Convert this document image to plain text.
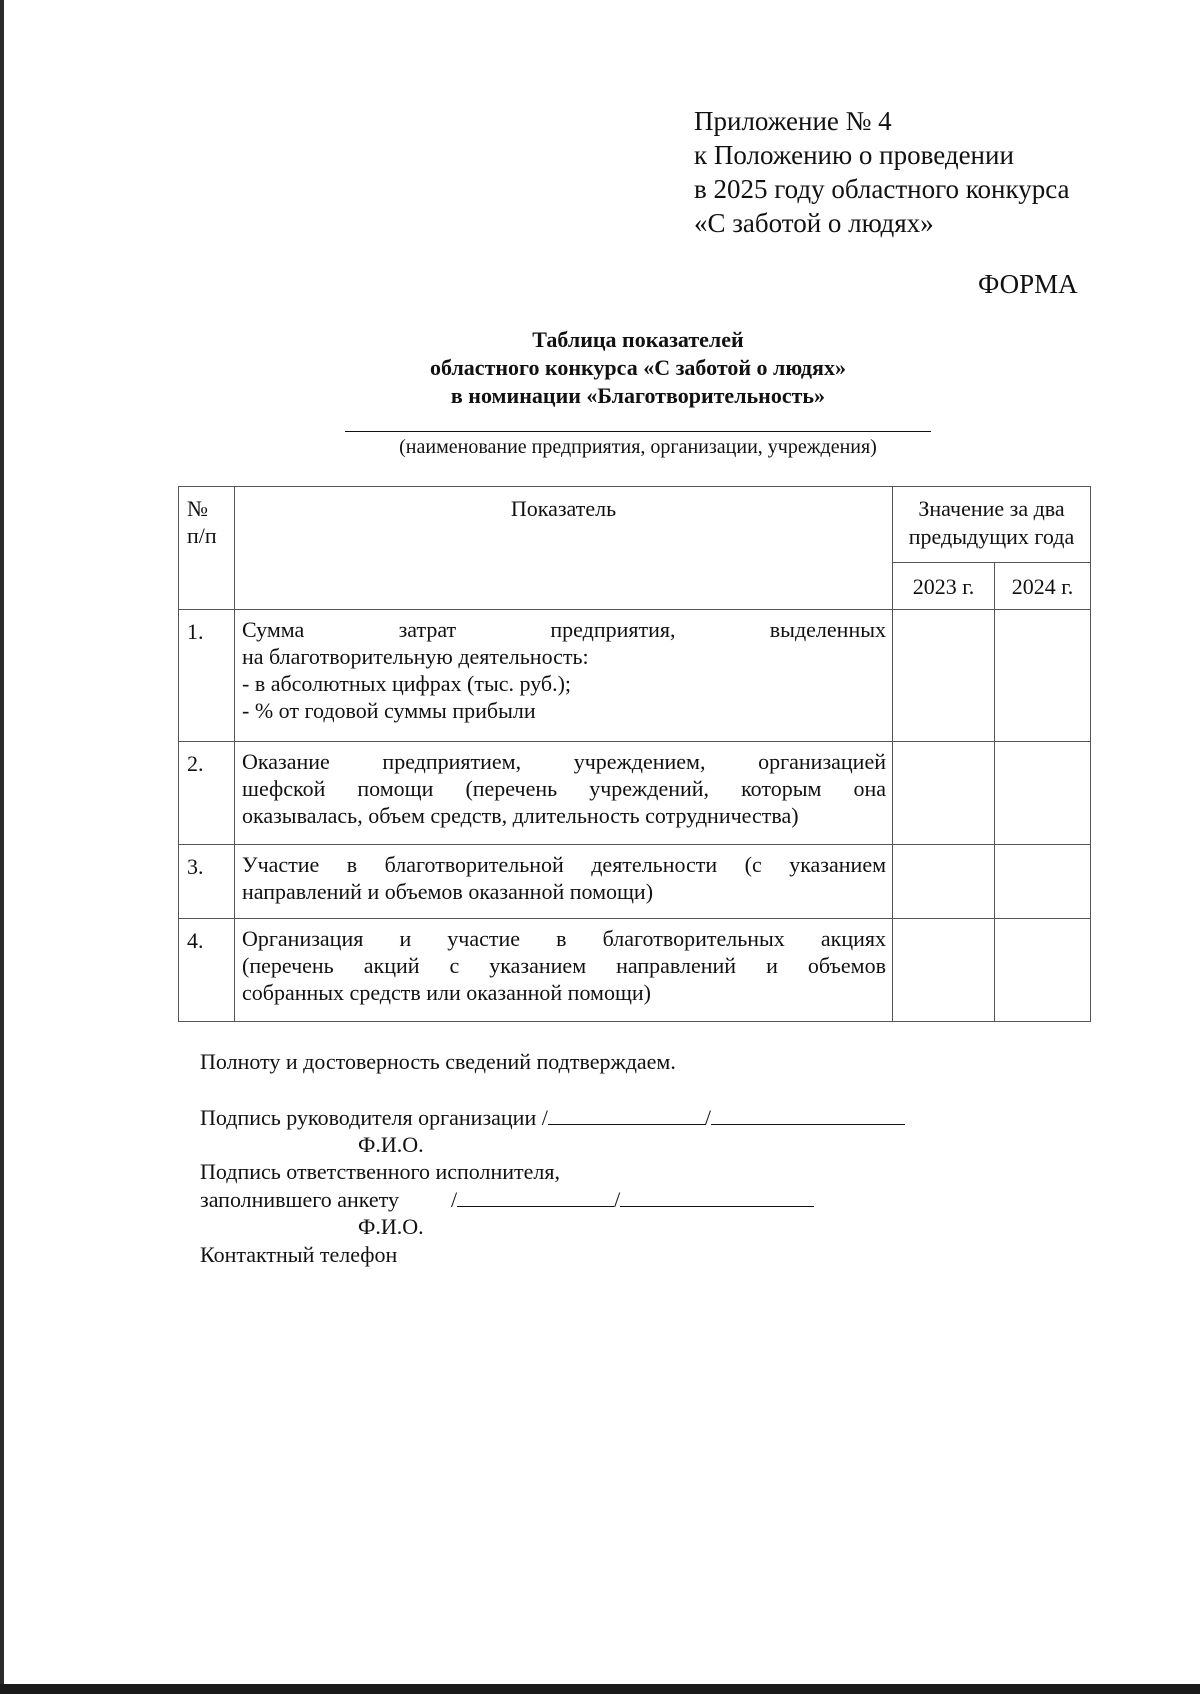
Приложение № 4
к Положению о проведении
в 2025 году областного конкурса
«С заботой о людях»
ФОРМА
Таблица показателей
областного конкурса «С заботой о людях»
в номинации «Благотворительность»
(наименование предприятия, организации, учреждения)
№ п/п	Показатель	Значение за два предыдущих года	
		2023 г.	2024 г.
1.	Сумма затрат предприятия, выделенных
на благотворительную деятельность:
- в абсолютных цифрах (тыс. руб.);
- % от годовой суммы прибыли		

2.	Оказание предприятием, учреждением, организацией
шефской помощи (перечень учреждений, которым она
оказывалась, объем средств, длительность сотрудничества)		

3.	Участие в благотворительной деятельности (с указанием
направлений и объемов оказанной помощи)		

4.	Организация и участие в благотворительных акциях
(перечень акций с указанием направлений и объемов
собранных средств или оказанной помощи)		

Полноту и достоверность сведений подтверждаем.
Подпись руководителя организации /	/
Ф.И.О.
Подпись ответственного исполнителя,
заполнившего анкету /	/
Ф.И.О.
Контактный телефон
